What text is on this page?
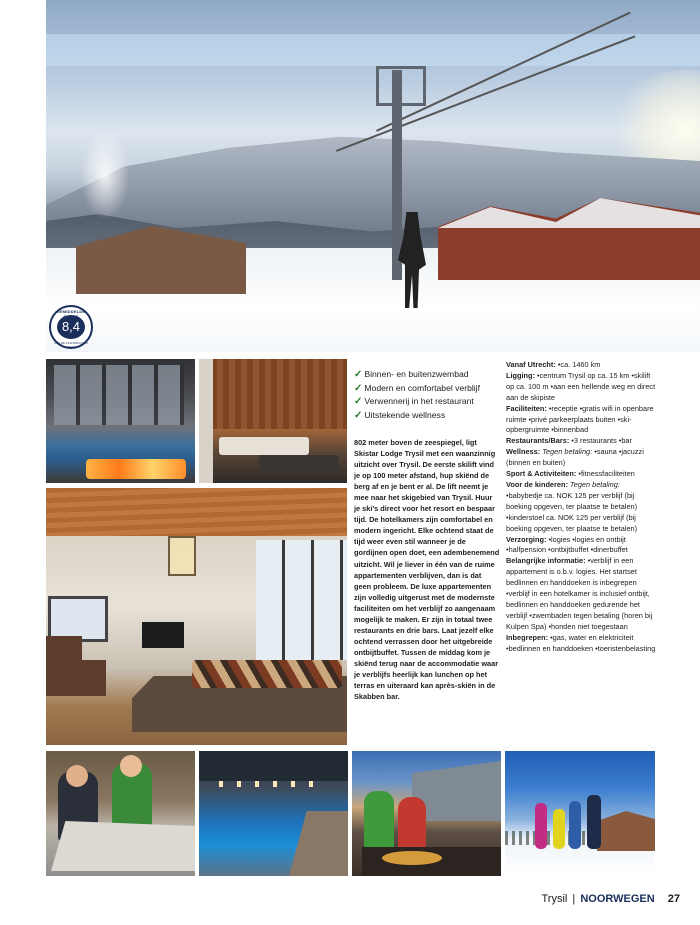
GEMIDDELDE
8,4
VAN DE KLANTEN (MAX 10/10)
✓ Binnen- en buitenzwembad
✓ Modern en comfortabel verblijf
✓ Verwennerij in het restaurant
✓ Uitstekende wellness
802 meter boven de zeespiegel, ligt Skistar Lodge Trysil met een waanzinnig uitzicht over Trysil. De eerste skilift vind je op 100 meter afstand, hup skiënd de berg af en je bent er al. De lift neemt je mee naar het skigebied van Trysil. Huur je ski's direct voor het resort en bespaar tijd. De hotelkamers zijn comfortabel en modern ingericht. Elke ochtend staat de tijd weer even stil wanneer je de gordijnen open doet, een adembenemend uitzicht. Wil je liever in één van de ruime appartementen verblijven, dan is dat geen probleem. De luxe appartementen zijn volledig uitgerust met de modernste faciliteiten om het verblijf zo aangenaam mogelijk te maken. Er zijn in totaal twee restaurants en drie bars. Laat jezelf elke ochtend verrassen door het uitgebreide ontbijtbuffet. Tussen de middag kom je skiënd terug naar de accommodatie waar je verblijfs heerlijk kan lunchen op het terras en uiteraard kan après-skiën in de Skabben bar.

Vanaf Utrecht: •ca. 1460 km

Ligging: •centrum Trysil op ca. 15 km •skilift op ca. 100 m •aan een hellende weg en direct aan de skipiste

Faciliteiten: •receptie •gratis wifi in openbare ruimte •privé parkeerplaats buiten •ski-opbergruimte •binnenbad

Restaurants/Bars: •3 restaurants •bar

Wellness: Tegen betaling: •sauna •jacuzzi (binnen en buiten)

Sport & Activiteiten: •fitnessfaciliteiten

Voor de kinderen: Tegen betaling: •babybedje ca. NOK 125 per verblijf (bij boeking opgeven, ter plaatse te betalen) •kinderstoel ca. NOK 125 per verblijf (bij boeking opgeven, ter plaatse te betalen)

Verzorging: •logies •logies en ontbijt •halfpension •ontbijtbuffet •dinerbuffet

Belangrijke informatie: •verblijf in een appartement is o.b.v. logies. Het startset bedlinnen en handdoeken is inbegrepen •verblijf in een hotelkamer is inclusief ontbijt, bedlinnen en handdoeken gedurende het verblijf •zwembaden tegen betaling (horen bij Kulpen Spa) •honden niet toegestaan

Inbegrepen: •gas, water en elektriciteit •bedlinnen en handdoeken •toeristenbelasting

Trysil | NOORWEGEN 27
